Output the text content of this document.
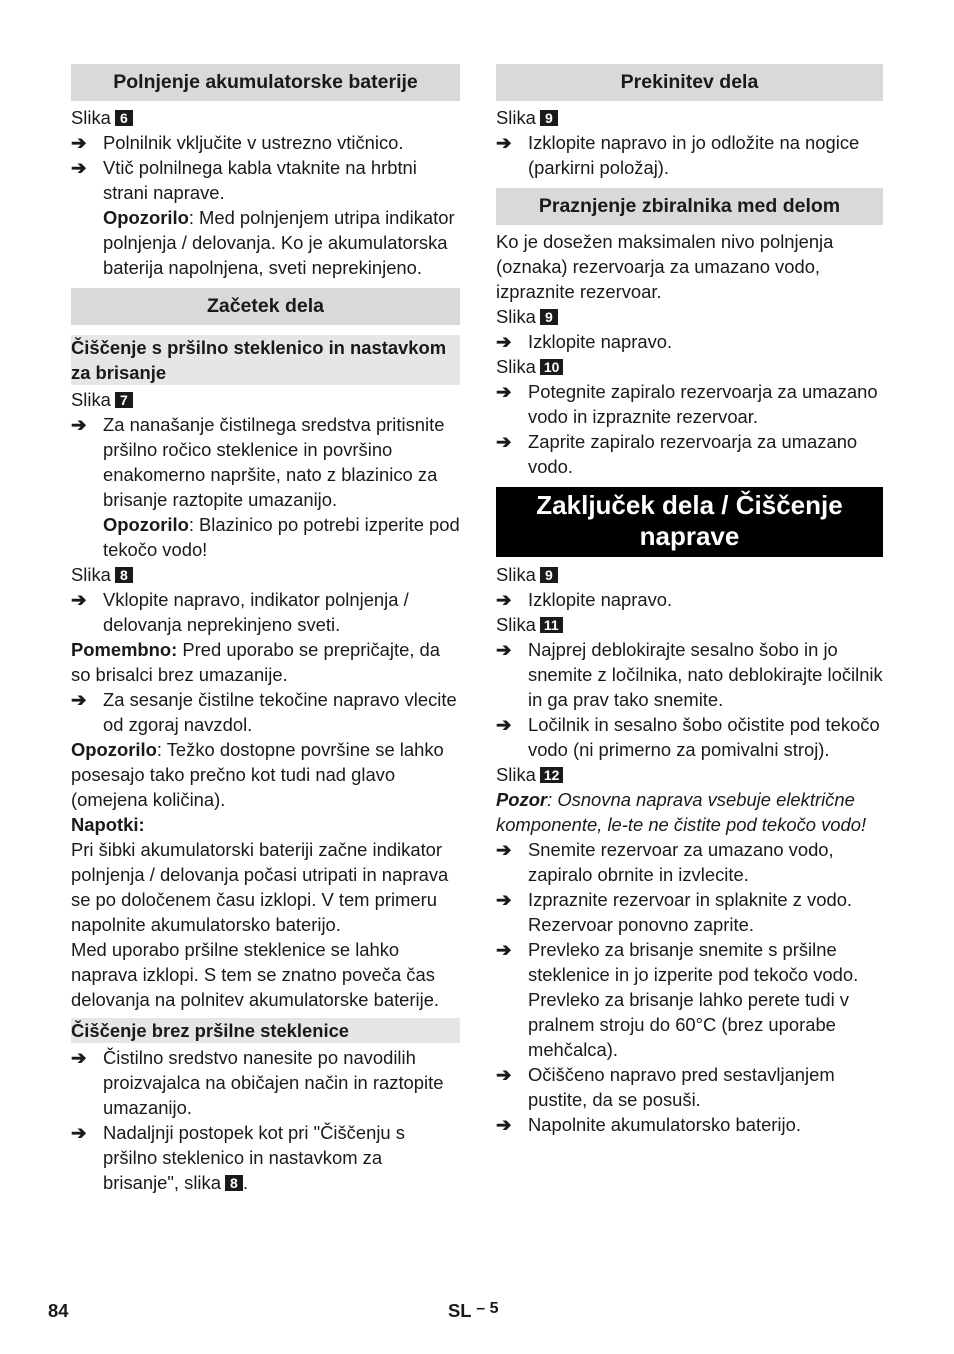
Polnjenje akumulatorske baterije
Slika 6
➔ Polnilnik vključite v ustrezno vtičnico.
➔ Vtič polnilnega kabla vtaknite na hrbtni strani naprave.
Opozorilo: Med polnjenjem utripa indikator polnjenja / delovanja. Ko je akumulatorska baterija napolnjena, sveti neprekinjeno.
Začetek dela
Čiščenje s pršilno steklenico in nastavkom za brisanje
Slika 7
➔ Za nanašanje čistilnega sredstva pritisnite pršilno ročico steklenice in površino enakomerno napršite, nato z blazinico za brisanje raztopite umazanijo.
Opozorilo: Blazinico po potrebi izperite pod tekočo vodo!
Slika 8
➔ Vklopite napravo, indikator polnjenja / delovanja neprekinjeno sveti.
Pomembno: Pred uporabo se prepričajte, da so brisalci brez umazanije.
➔ Za sesanje čistilne tekočine napravo vlecite od zgoraj navzdol.
Opozorilo: Težko dostopne površine se lahko posesajo tako prečno kot tudi nad glavo (omejena količina).
Napotki:
Pri šibki akumulatorski bateriji začne indikator polnjenja / delovanja počasi utripati in naprava se po določenem času izklopi. V tem primeru napolnite akumulatorsko baterijo.
Med uporabo pršilne steklenice se lahko naprava izklopi. S tem se znatno poveča čas delovanja na polnitev akumulatorske baterije.
Čiščenje brez pršilne steklenice
➔ Čistilno sredstvo nanesite po navodilih proizvajalca na običajen način in raztopite umazanijo.
➔ Nadaljnji postopek kot pri "Čiščenju s pršilno steklenico in nastavkom za brisanje", slika 8 .
Prekinitev dela
Slika 9
➔ Izklopite napravo in jo odložite na nogice (parkirni položaj).
Praznjenje zbiralnika med delom
Ko je dosežen maksimalen nivo polnjenja (oznaka) rezervoarja za umazano vodo, izpraznite rezervoar.
Slika 9
➔ Izklopite napravo.
Slika 10
➔ Potegnite zapiralo rezervoarja za umazano vodo in izpraznite rezervoar.
➔ Zaprite zapiralo rezervoarja za umazano vodo.
Zaključek dela / Čiščenje naprave
Slika 9
➔ Izklopite napravo.
Slika 11
➔ Najprej deblokirajte sesalno šobo in jo snemite z ločilnika, nato deblokirajte ločilnik in ga prav tako snemite.
➔ Ločilnik in sesalno šobo očistite pod tekočo vodo (ni primerno za pomivalni stroj).
Slika 12
Pozor: Osnovna naprava vsebuje električne komponente, le-te ne čistite pod tekočo vodo!
➔ Snemite rezervoar za umazano vodo, zapiralo obrnite in izvlecite.
➔ Izpraznite rezervoar in splaknite z vodo. Rezervoar ponovno zaprite.
➔ Prevleko za brisanje snemite s pršilne steklenice in jo izperite pod tekočo vodo. Prevleko za brisanje lahko perete tudi v pralnem stroju do 60°C (brez uporabe mehčalca).
➔ Očiščeno napravo pred sestavljanjem pustite, da se posuši.
➔ Napolnite akumulatorsko baterijo.
84	SL – 5
